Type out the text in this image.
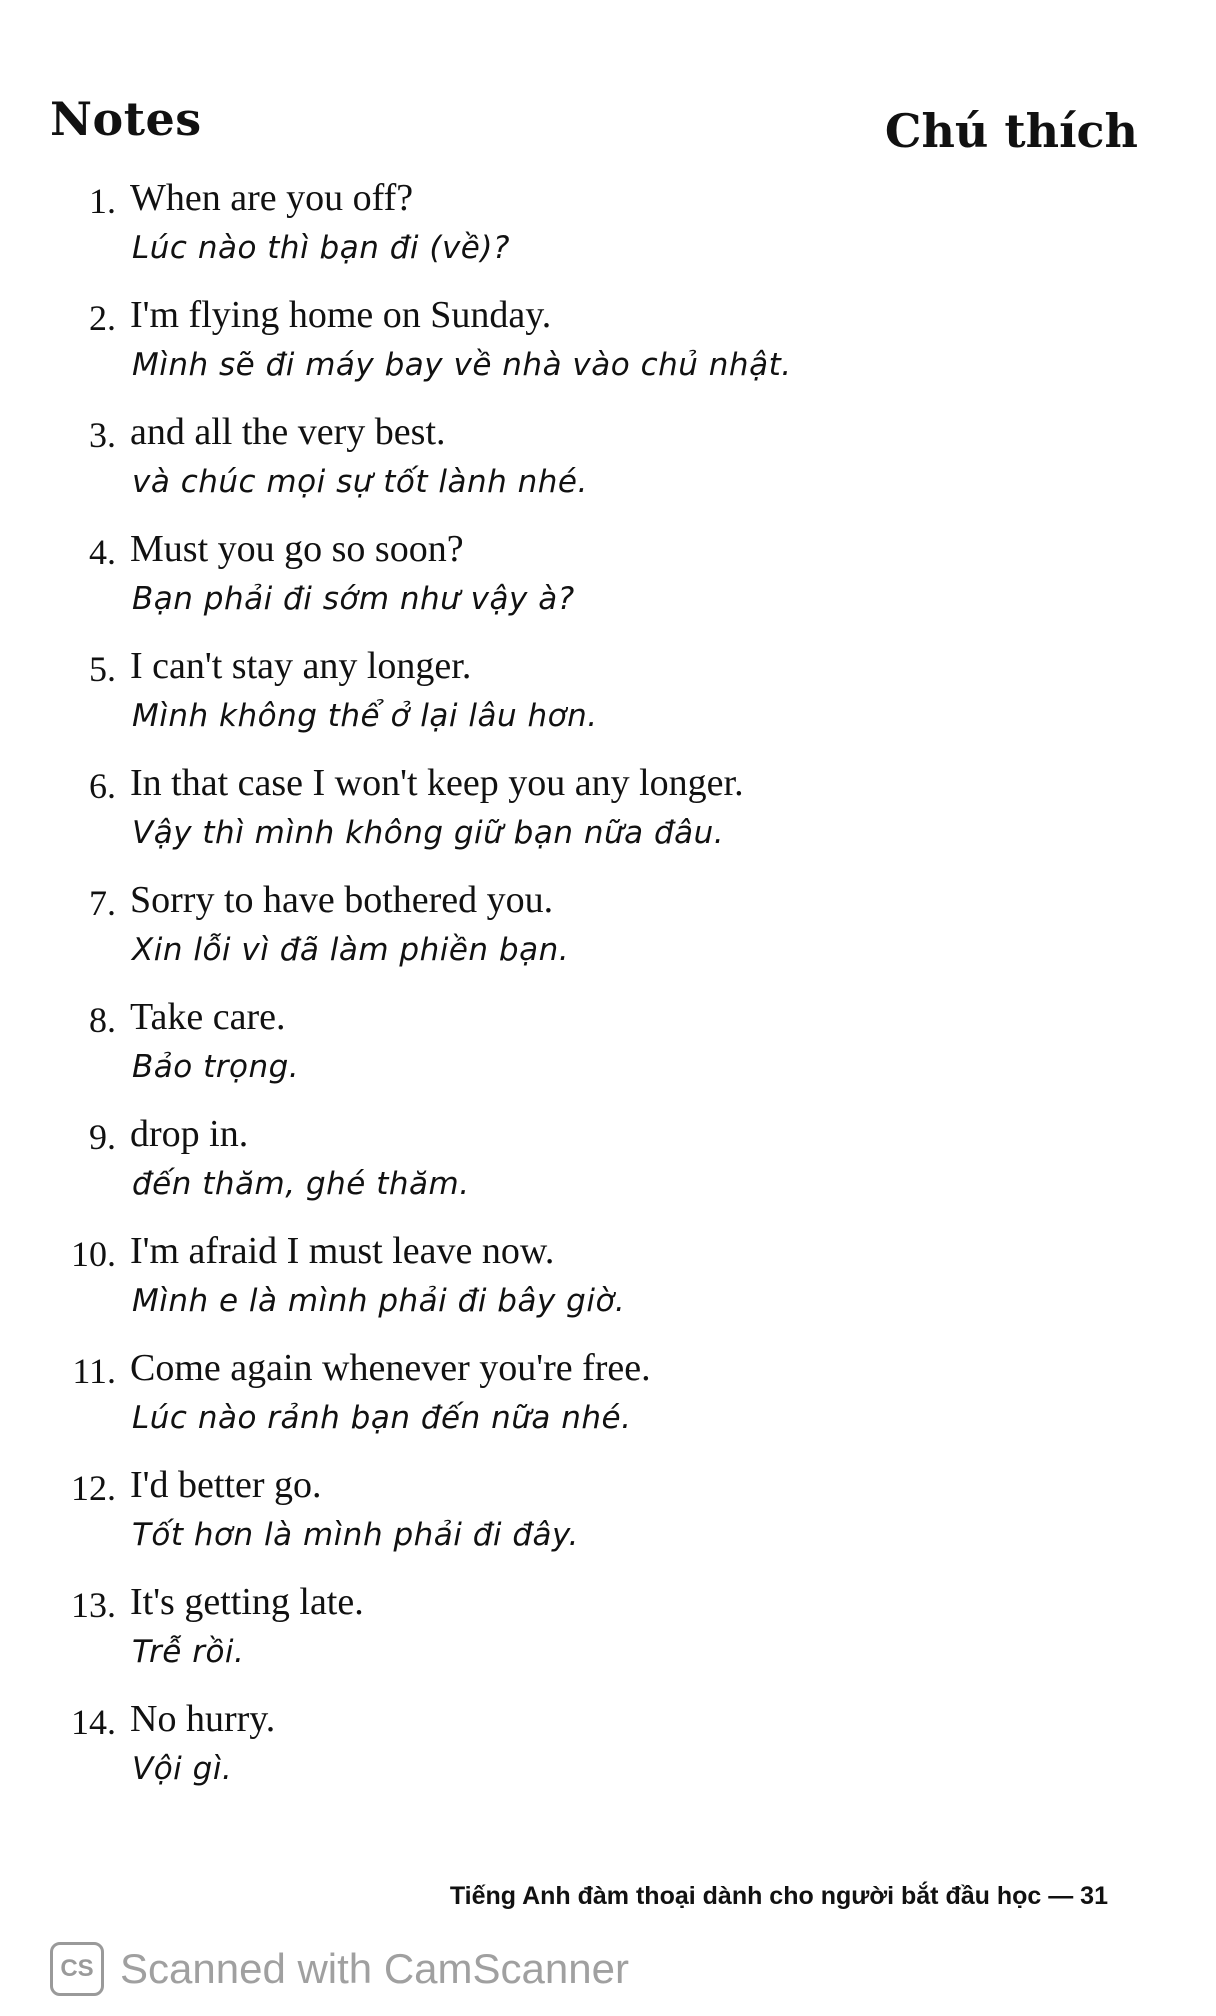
Notes	Chú thích
1. When are you off?
Lúc nào thì bạn đi (về)?
2. I'm flying home on Sunday.
Mình sẽ đi máy bay về nhà vào chủ nhật.
3. and all the very best.
và chúc mọi sự tốt lành nhé.
4. Must you go so soon?
Bạn phải đi sớm như vậy à?
5. I can't stay any longer.
Mình không thể ở lại lâu hơn.
6. In that case I won't keep you any longer.
Vậy thì mình không giữ bạn nữa đâu.
7. Sorry to have bothered you.
Xin lỗi vì đã làm phiền bạn.
8. Take care.
Bảo trọng.
9. drop in.
đến thăm, ghé thăm.
10. I'm afraid I must leave now.
Mình e là mình phải đi bây giờ.
11. Come again whenever you're free.
Lúc nào rảnh bạn đến nữa nhé.
12. I'd better go.
Tốt hơn là mình phải đi đây.
13. It's getting late.
Trễ rồi.
14. No hurry.
Vội gì.
Tiếng Anh đàm thoại dành cho người bắt đầu học — 31
CS Scanned with CamScanner
